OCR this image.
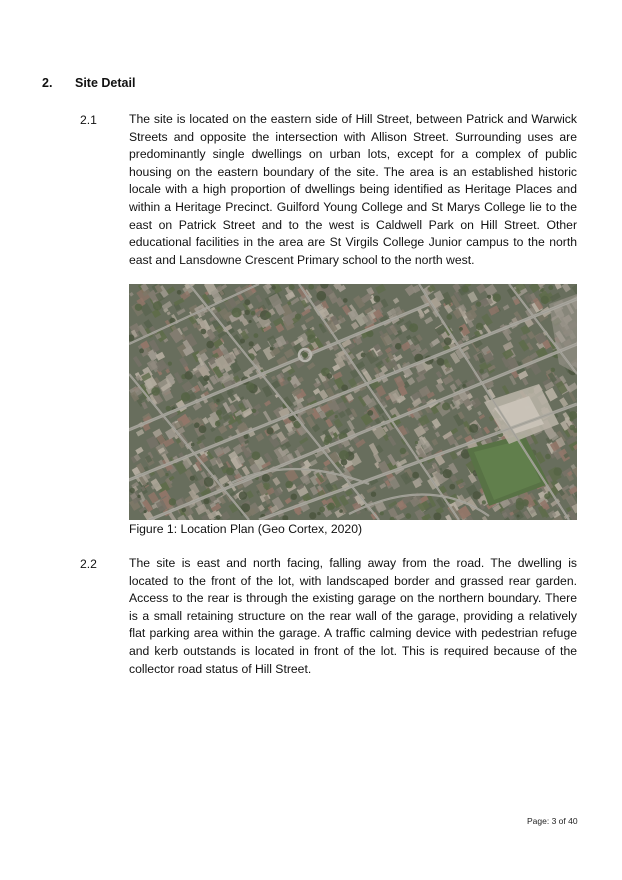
2. Site Detail
2.1	The site is located on the eastern side of Hill Street, between Patrick and Warwick Streets and opposite the intersection with Allison Street. Surrounding uses are predominantly single dwellings on urban lots, except for a complex of public housing on the eastern boundary of the site. The area is an established historic locale with a high proportion of dwellings being identified as Heritage Places and within a Heritage Precinct. Guilford Young College and St Marys College lie to the east on Patrick Street and to the west is Caldwell Park on Hill Street. Other educational facilities in the area are St Virgils College Junior campus to the north east and Lansdowne Crescent Primary school to the north west.
Figure 1: Location Plan (Geo Cortex, 2020)
2.2	The site is east and north facing, falling away from the road. The dwelling is located to the front of the lot, with landscaped border and grassed rear garden. Access to the rear is through the existing garage on the northern boundary. There is a small retaining structure on the rear wall of the garage, providing a relatively flat parking area within the garage. A traffic calming device with pedestrian refuge and kerb outstands is located in front of the lot. This is required because of the collector road status of Hill Street.
Page: 3 of 40
